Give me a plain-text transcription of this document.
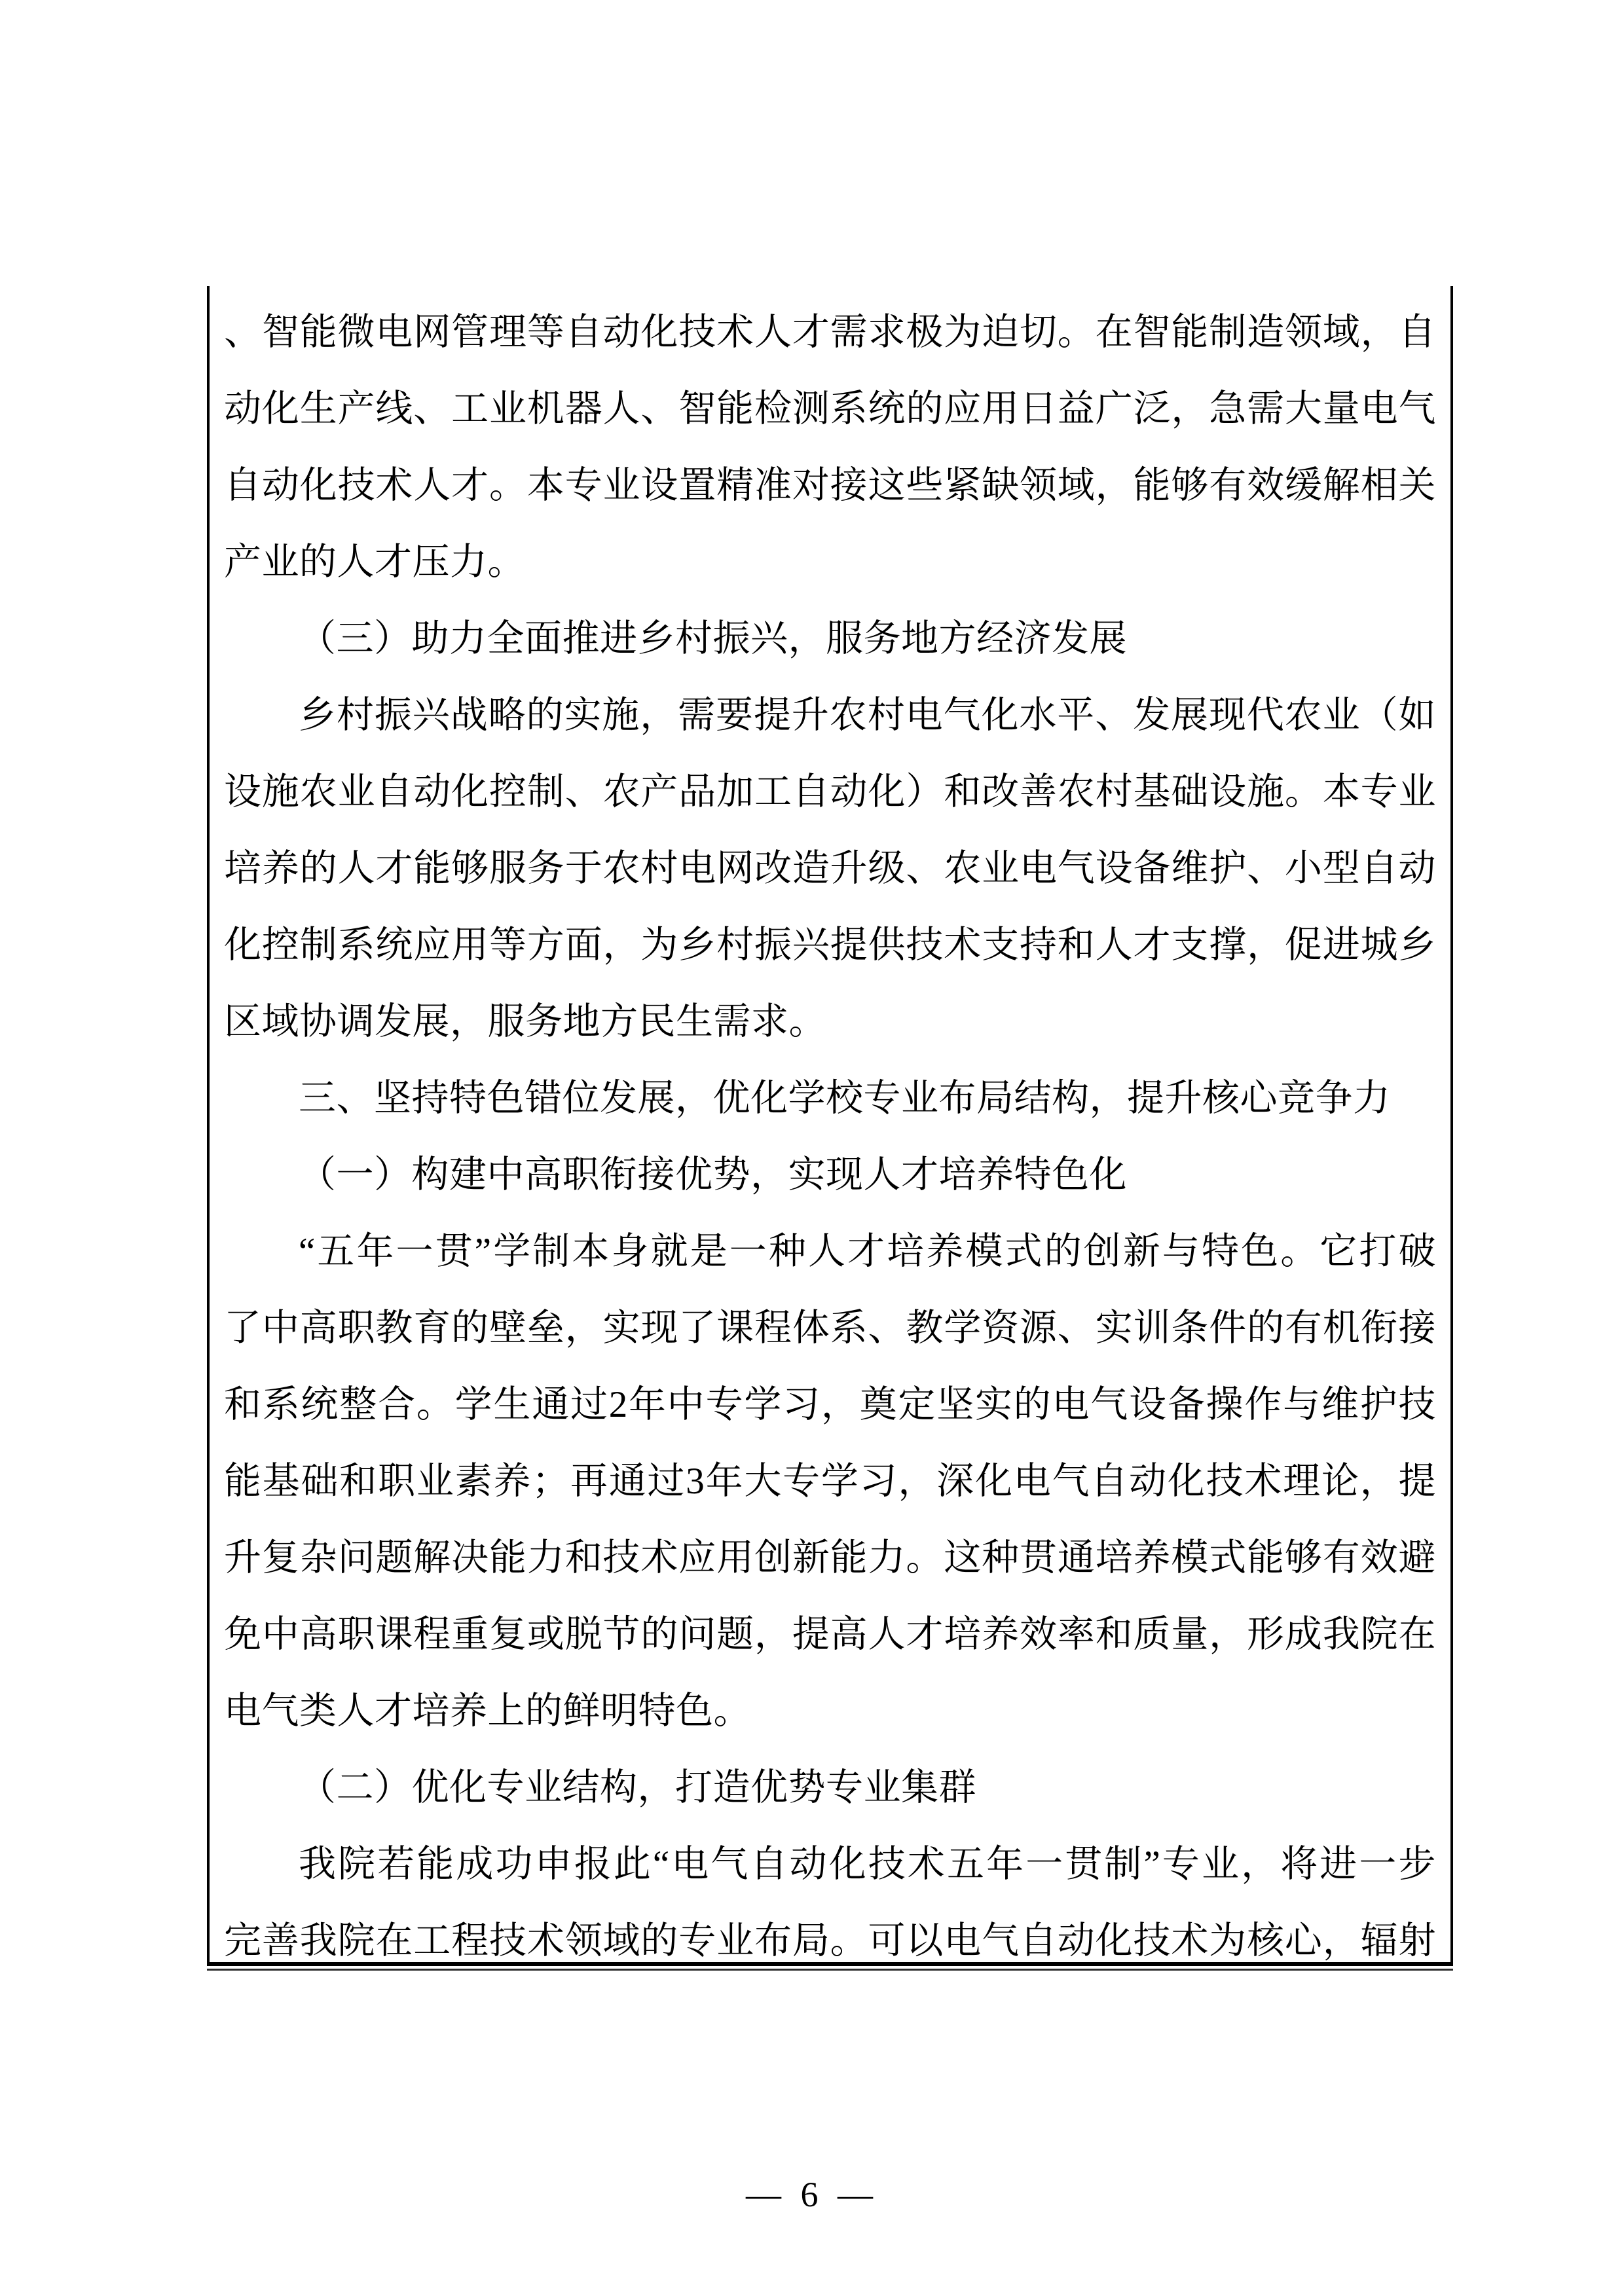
、智能微电网管理等自动化技术人才需求极为迫切。在智能制造领域，自
动化生产线、工业机器人、智能检测系统的应用日益广泛，急需大量电气
自动化技术人才。本专业设置精准对接这些紧缺领域，能够有效缓解相关
产业的人才压力。
（三）助力全面推进乡村振兴，服务地方经济发展
乡村振兴战略的实施，需要提升农村电气化水平、发展现代农业（如
设施农业自动化控制、农产品加工自动化）和改善农村基础设施。本专业
培养的人才能够服务于农村电网改造升级、农业电气设备维护、小型自动
化控制系统应用等方面，为乡村振兴提供技术支持和人才支撑，促进城乡
区域协调发展，服务地方民生需求。
三、坚持特色错位发展，优化学校专业布局结构，提升核心竞争力
（一）构建中高职衔接优势，实现人才培养特色化
“五年一贯”学制本身就是一种人才培养模式的创新与特色。它打破
了中高职教育的壁垒，实现了课程体系、教学资源、实训条件的有机衔接
和系统整合。学生通过2年中专学习，奠定坚实的电气设备操作与维护技
能基础和职业素养；再通过3年大专学习，深化电气自动化技术理论，提
升复杂问题解决能力和技术应用创新能力。这种贯通培养模式能够有效避
免中高职课程重复或脱节的问题，提高人才培养效率和质量，形成我院在
电气类人才培养上的鲜明特色。
（二）优化专业结构，打造优势专业集群
我院若能成功申报此“电气自动化技术五年一贯制”专业，将进一步
完善我院在工程技术领域的专业布局。可以电气自动化技术为核心，辐射
— 6 —
